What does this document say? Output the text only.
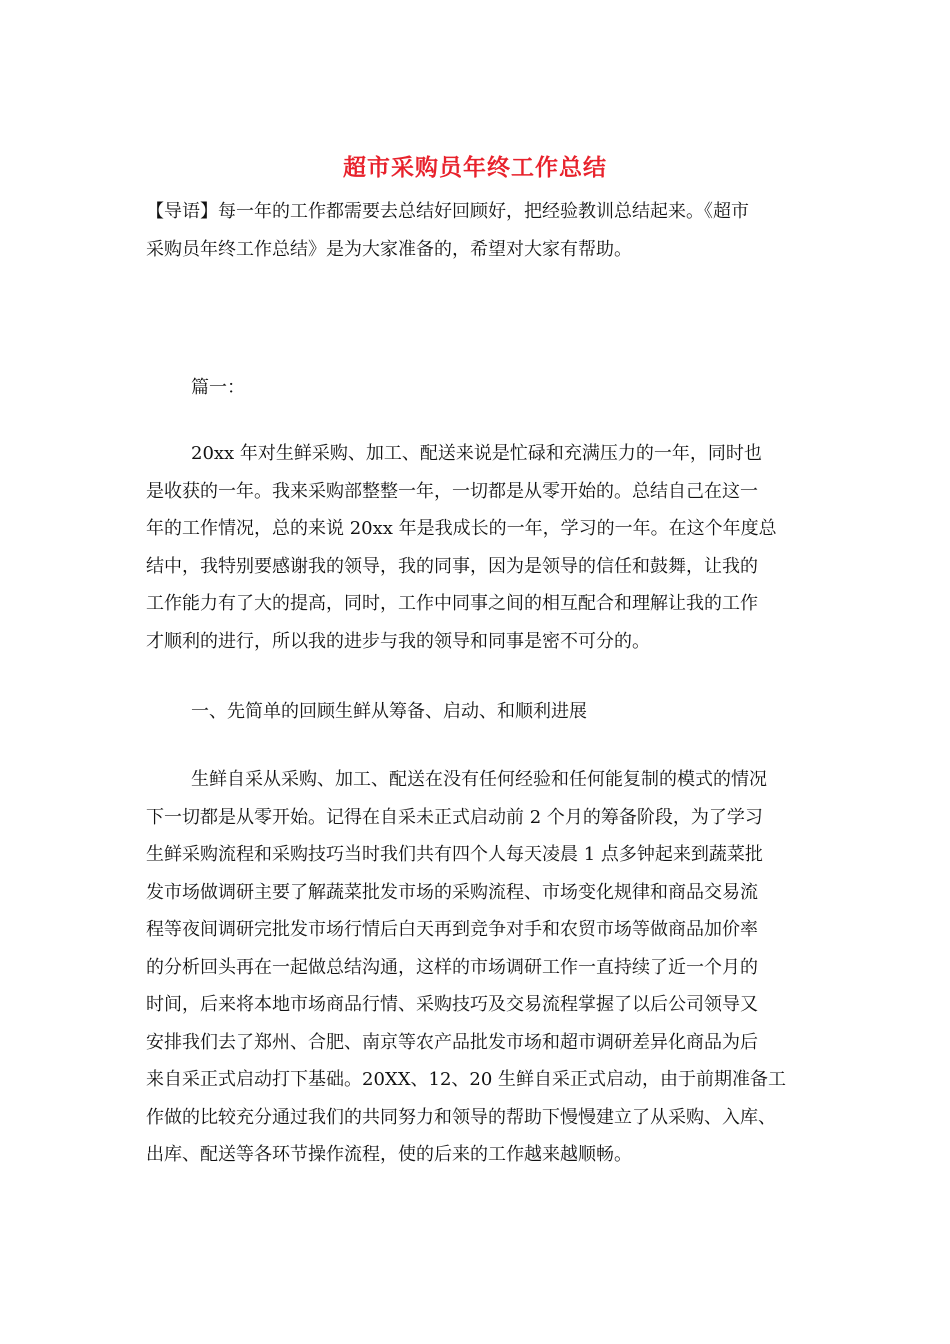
超市采购员年终工作总结
【导语】每一年的工作都需要去总结好回顾好，把经验教训总结起来。《超市
采购员年终工作总结》是为大家准备的，希望对大家有帮助。
篇一：
20xx 年对生鲜采购、加工、配送来说是忙碌和充满压力的一年，同时也
是收获的一年。我来采购部整整一年，一切都是从零开始的。总结自己在这一
年的工作情况，总的来说 20xx 年是我成长的一年，学习的一年。在这个年度总
结中，我特别要感谢我的领导，我的同事，因为是领导的信任和鼓舞，让我的
工作能力有了大的提高，同时，工作中同事之间的相互配合和理解让我的工作
才顺利的进行，所以我的进步与我的领导和同事是密不可分的。
一、先简单的回顾生鲜从筹备、启动、和顺利进展
生鲜自采从采购、加工、配送在没有任何经验和任何能复制的模式的情况
下一切都是从零开始。记得在自采未正式启动前 2 个月的筹备阶段，为了学习
生鲜采购流程和采购技巧当时我们共有四个人每天凌晨 1 点多钟起来到蔬菜批
发市场做调研主要了解蔬菜批发市场的采购流程、市场变化规律和商品交易流
程等夜间调研完批发市场行情后白天再到竞争对手和农贸市场等做商品加价率
的分析回头再在一起做总结沟通，这样的市场调研工作一直持续了近一个月的
时间，后来将本地市场商品行情、采购技巧及交易流程掌握了以后公司领导又
安排我们去了郑州、合肥、南京等农产品批发市场和超市调研差异化商品为后
来自采正式启动打下基础。20XX、12、20 生鲜自采正式启动，由于前期准备工
作做的比较充分通过我们的共同努力和领导的帮助下慢慢建立了从采购、入库、
出库、配送等各环节操作流程，使的后来的工作越来越顺畅。
